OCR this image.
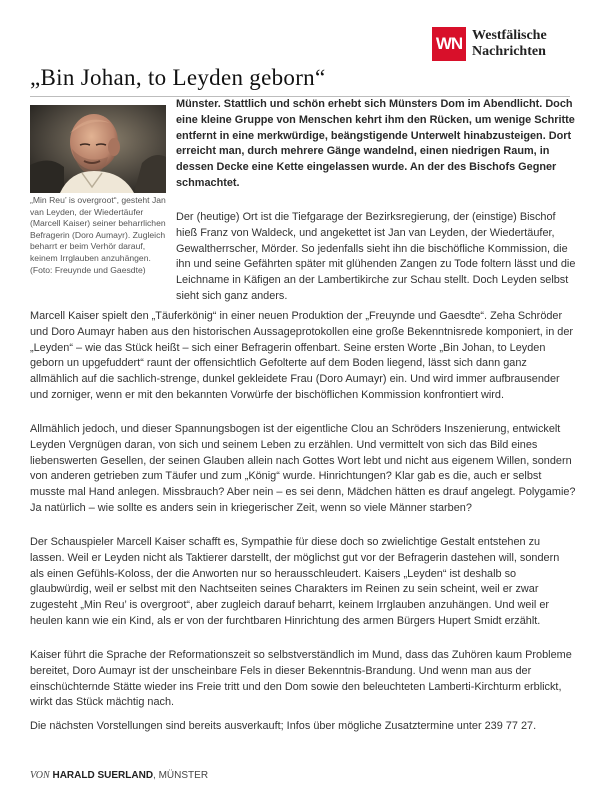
WN Westfälische
Nachrichten
„Bin Johan, to Leyden geborn“

„Min Reu’ is overgroot“, gesteht Jan van Leyden, der Wiedertäufer (Marcell Kaiser) seiner beharrlichen Befragerin (Doro Aumayr). Zugleich beharrt er beim Verhör darauf, keinem Irrglauben anzuhängen. (Foto: Freuynde und Gaesdte)

Münster. Stattlich und schön erhebt sich Münsters Dom im Abendlicht. Doch eine kleine Gruppe von Menschen kehrt ihm den Rücken, um wenige Schritte entfernt in eine merkwürdige, beängstigende Unterwelt hinabzusteigen. Dort erreicht man, durch mehrere Gänge wandelnd, einen niedrigen Raum, in dessen Decke eine Kette eingelassen wurde. An der des Bischofs Gegner schmachtet.

Der (heutige) Ort ist die Tiefgarage der Bezirksregierung, der (einstige) Bischof hieß Franz von Waldeck, und angekettet ist Jan van Leyden, der Wiedertäufer, Gewaltherrscher, Mörder. So jedenfalls sieht ihn die bischöfliche Kommission, die ihn und seine Gefährten später mit glühenden Zangen zu Tode foltern lässt und die Leichname in Käfigen an der Lambertikirche zur Schau stellt. Doch Leyden selbst sieht sich ganz anders.

Marcell Kaiser spielt den „Täuferkönig“ in einer neuen Produktion der „Freuynde und Gaesdte“. Zeha Schröder und Doro Aumayr haben aus den historischen Aussageprotokollen eine große Bekenntnisrede komponiert, in der „Leyden“ – wie das Stück heißt – sich einer Befragerin offenbart. Seine ersten Worte „Bin Johan, to Leyden geborn un upgefuddert“ raunt der offensichtlich Gefolterte auf dem Boden liegend, lässt sich dann ganz allmählich auf die sachlich-strenge, dunkel gekleidete Frau (Doro Aumayr) ein. Und wird immer aufbrausender und zorniger, wenn er mit den bekannten Vorwürfe der bischöflichen Kommission konfrontiert wird.

Allmählich jedoch, und dieser Spannungsbogen ist der eigentliche Clou an Schröders Inszenierung, entwickelt Leyden Vergnügen daran, von sich und seinem Leben zu erzählen. Und vermittelt von sich das Bild eines liebenswerten Gesellen, der seinen Glauben allein nach Gottes Wort lebt und nicht aus eigenem Willen, sondern von anderen getrieben zum Täufer und zum „König“ wurde. Hinrichtungen? Klar gab es die, auch er selbst musste mal Hand anlegen. Missbrauch? Aber nein – es sei denn, Mädchen hätten es drauf angelegt. Polygamie? Ja natürlich – wie sollte es anders sein in kriegerischer Zeit, wenn so viele Männer starben?

Der Schauspieler Marcell Kaiser schafft es, Sympathie für diese doch so zwielichtige Gestalt entstehen zu lassen. Weil er Leyden nicht als Taktierer darstellt, der möglichst gut vor der Befragerin dastehen will, sondern als einen Gefühls-Koloss, der die Anworten nur so herausschleudert. Kaisers „Leyden“ ist deshalb so glaubwürdig, weil er selbst mit den Nachtseiten seines Charakters im Reinen zu sein scheint, weil er zwar zugesteht „Min Reu’ is overgroot“, aber zugleich darauf beharrt, keinem Irrglauben anzuhängen. Und weil er heulen kann wie ein Kind, als er von der furchtbaren Hinrichtung des armen Bürgers Hupert Smidt erzählt.

Kaiser führt die Sprache der Reformationszeit so selbstverständlich im Mund, dass das Zuhören kaum Probleme bereitet, Doro Aumayr ist der unscheinbare Fels in dieser Bekenntnis-Brandung. Und wenn man aus der einschüchternde Stätte wieder ins Freie tritt und den Dom sowie den beleuchteten Lamberti-Kirchturm erblickt, wirkt das Stück mächtig nach.

Die nächsten Vorstellungen sind bereits ausverkauft; Infos über mögliche Zusatztermine unter 239 77 27.

VON HARALD SUERLAND, MÜNSTER
